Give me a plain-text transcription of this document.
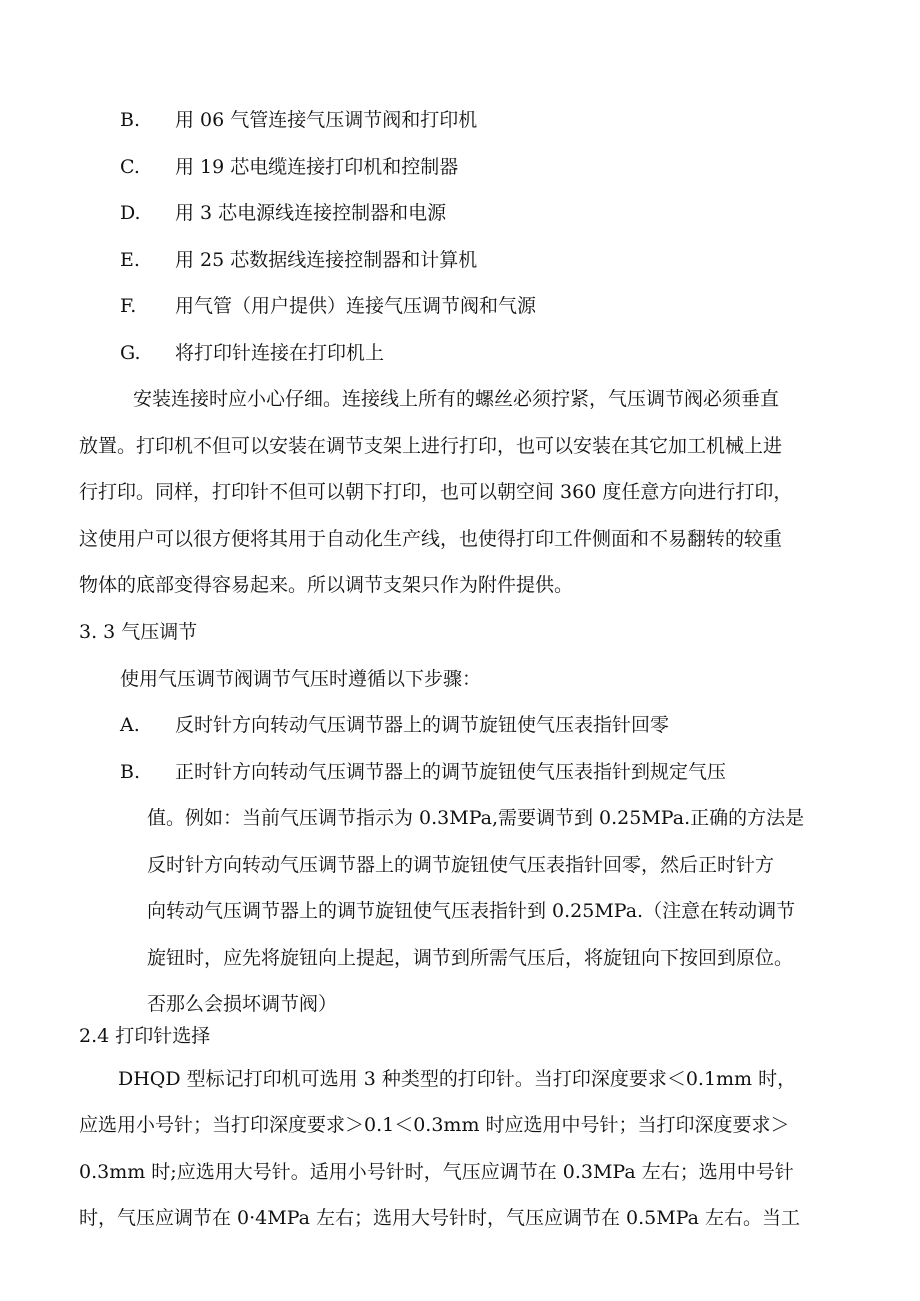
B.	用 06 气管连接气压调节阀和打印机
C.	用 19 芯电缆连接打印机和控制器
D.	用 3 芯电源线连接控制器和电源
E.	用 25 芯数据线连接控制器和计算机
F.	用气管（用户提供）连接气压调节阀和气源
G.	将打印针连接在打印机上
安装连接时应小心仔细。连接线上所有的螺丝必须拧紧，气压调节阀必须垂直
放置。打印机不但可以安装在调节支架上进行打印，也可以安装在其它加工机械上进
行打印。同样，打印针不但可以朝下打印，也可以朝空间 360 度任意方向进行打印，
这使用户可以很方便将其用于自动化生产线，也使得打印工件侧面和不易翻转的较重
物体的底部变得容易起来。所以调节支架只作为附件提供。
3. 3 气压调节
使用气压调节阀调节气压时遵循以下步骤：
A.	反时针方向转动气压调节器上的调节旋钮使气压表指针回零
B.	正时针方向转动气压调节器上的调节旋钮使气压表指针到规定气压
值。例如：当前气压调节指示为 0.3MPa,需要调节到 0.25MPa.正确的方法是
反时针方向转动气压调节器上的调节旋钮使气压表指针回零，然后正时针方
向转动气压调节器上的调节旋钮使气压表指针到 0.25MPa.（注意在转动调节
旋钮时，应先将旋钮向上提起，调节到所需气压后，将旋钮向下按回到原位。
否那么会损坏调节阀）
2.4 打印针选择
DHQD 型标记打印机可选用 3 种类型的打印针。当打印深度要求＜0.1mm 时，
应选用小号针；当打印深度要求＞0.1＜0.3mm 时应选用中号针；当打印深度要求＞
0.3mm 时;应选用大号针。适用小号针时，气压应调节在 0.3MPa 左右；选用中号针
时，气压应调节在 0·4MPa 左右；选用大号针时，气压应调节在 0.5MPa 左右。当工
